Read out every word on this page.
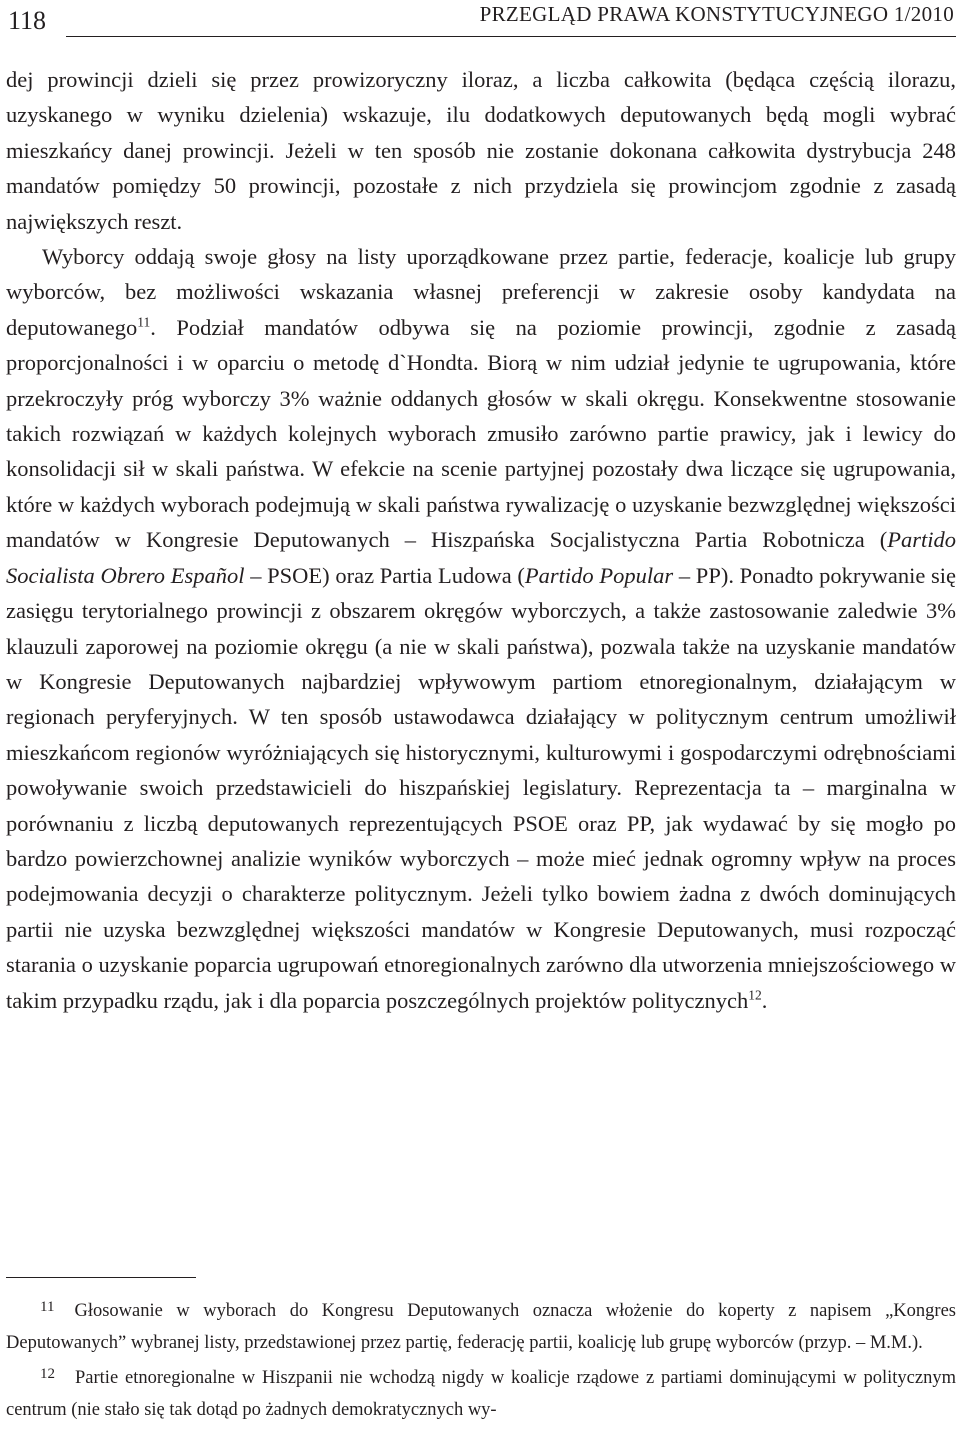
118	PRZEGLĄD PRAWA KONSTYTUCYJNEGO 1/2010

dej prowincji dzieli się przez prowizoryczny iloraz, a liczba całkowita (będąca częścią ilorazu, uzyskanego w wyniku dzielenia) wskazuje, ilu dodatkowych deputowanych będą mogli wybrać mieszkańcy danej prowincji. Jeżeli w ten sposób nie zostanie dokonana całkowita dystrybucja 248 mandatów pomiędzy 50 prowincji, pozostałe z nich przydziela się prowincjom zgodnie z zasadą największych reszt.

Wyborcy oddają swoje głosy na listy uporządkowane przez partie, federacje, koalicje lub grupy wyborców, bez możliwości wskazania własnej preferencji w zakresie osoby kandydata na deputowanego$^{11}$. Podział mandatów odbywa się na poziomie prowincji, zgodnie z zasadą proporcjonalności i w oparciu o metodę d`Hondta. Biorą w nim udział jedynie te ugrupowania, które przekroczyły próg wyborczy 3% ważnie oddanych głosów w skali okręgu. Konsekwentne stosowanie takich rozwiązań w każdych kolejnych wyborach zmusiło zarówno partie prawicy, jak i lewicy do konsolidacji sił w skali państwa. W efekcie na scenie partyjnej pozostały dwa liczące się ugrupowania, które w każdych wyborach podejmują w skali państwa rywalizację o uzyskanie bezwzględnej większości mandatów w Kongresie Deputowanych – Hiszpańska Socjalistyczna Partia Robotnicza (Partido Socialista Obrero Español – PSOE) oraz Partia Ludowa (Partido Popular – PP). Ponadto pokrywanie się zasięgu terytorialnego prowincji z obszarem okręgów wyborczych, a także zastosowanie zaledwie 3% klauzuli zaporowej na poziomie okręgu (a nie w skali państwa), pozwala także na uzyskanie mandatów w Kongresie Deputowanych najbardziej wpływowym partiom etnoregionalnym, działającym w regionach peryferyjnych. W ten sposób ustawodawca działający w politycznym centrum umożliwił mieszkańcom regionów wyróżniających się historycznymi, kulturowymi i gospodarczymi odrębnościami powoływanie swoich przedstawicieli do hiszpańskiej legislatury. Reprezentacja ta – marginalna w porównaniu z liczbą deputowanych reprezentujących PSOE oraz PP, jak wydawać by się mogło po bardzo powierzchownej analizie wyników wyborczych – może mieć jednak ogromny wpływ na proces podejmowania decyzji o charakterze politycznym. Jeżeli tylko bowiem żadna z dwóch dominujących partii nie uzyska bezwzględnej większości mandatów w Kongresie Deputowanych, musi rozpocząć starania o uzyskanie poparcia ugrupowań etnoregionalnych zarówno dla utworzenia mniejszościowego w takim przypadku rządu, jak i dla poparcia poszczególnych projektów politycznych$^{12}$.

$^{11}$ Głosowanie w wyborach do Kongresu Deputowanych oznacza włożenie do koperty z napisem „Kongres Deputowanych” wybranej listy, przedstawionej przez partię, federację partii, koalicję lub grupę wyborców (przyp. – M.M.).

$^{12}$ Partie etnoregionalne w Hiszpanii nie wchodzą nigdy w koalicje rządowe z partiami dominującymi w politycznym centrum (nie stało się tak dotąd po żadnych demokratycznych wy-
